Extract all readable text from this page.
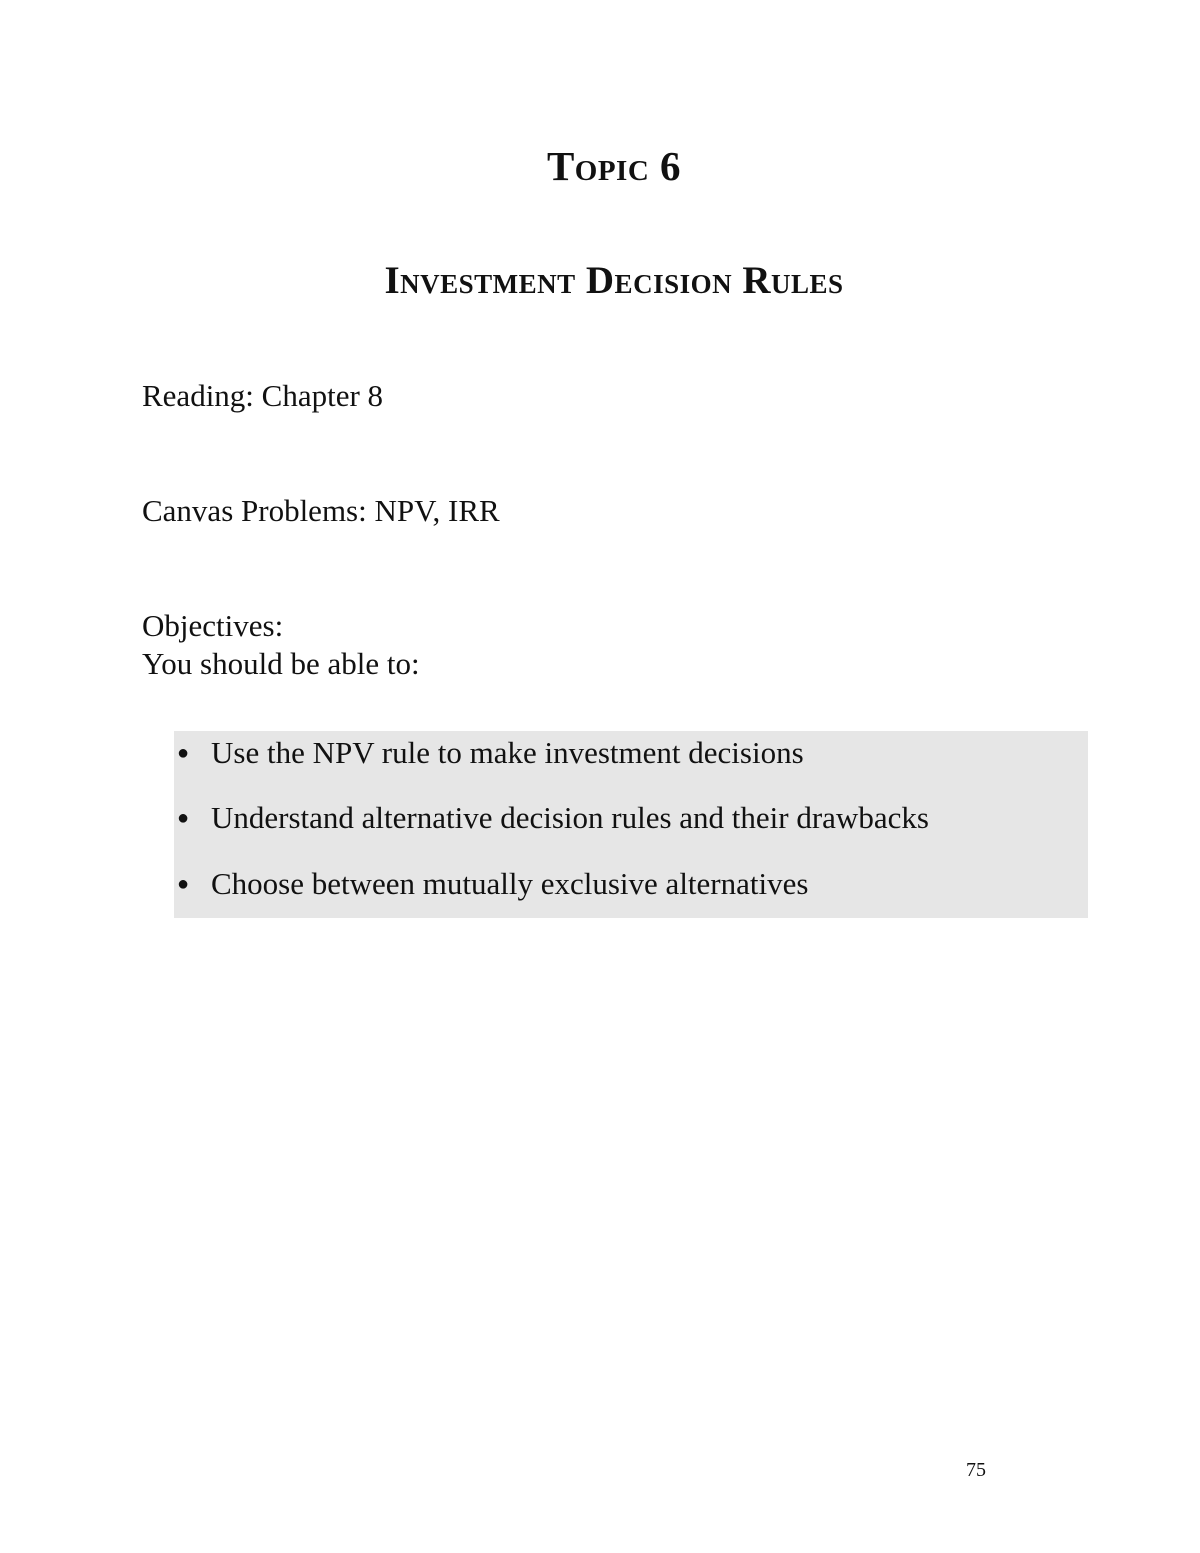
Topic 6
Investment Decision Rules
Reading: Chapter 8
Canvas Problems: NPV, IRR
Objectives:
You should be able to:
● Use the NPV rule to make investment decisions
● Understand alternative decision rules and their drawbacks
● Choose between mutually exclusive alternatives
75
